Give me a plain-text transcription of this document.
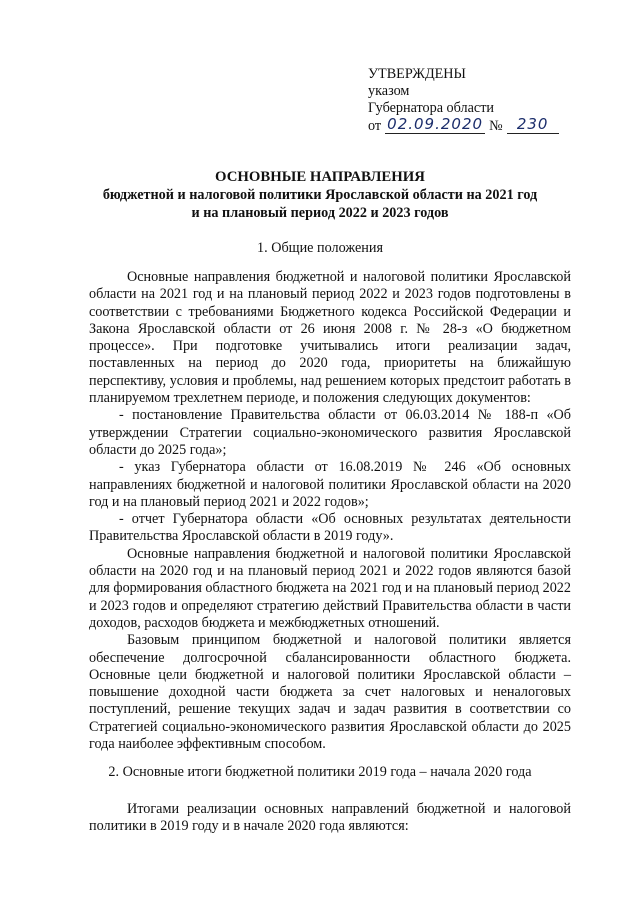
УТВЕРЖДЕНЫ
указом
Губернатора области
от 02.09.2020 № 230
ОСНОВНЫЕ НАПРАВЛЕНИЯ
бюджетной и налоговой политики Ярославской области на 2021 год
и на плановый период 2022 и 2023 годов
1. Общие положения

Основные направления бюджетной и налоговой политики Ярославской области на 2021 год и на плановый период 2022 и 2023 годов подготовлены в соответствии с требованиями Бюджетного кодекса Российской Федерации и Закона Ярославской области от 26 июня 2008 г. № 28-з «О бюджетном процессе». При подготовке учитывались итоги реализации задач, поставленных на период до 2020 года, приоритеты на ближайшую перспективу, условия и проблемы, над решением которых предстоит работать в планируемом трехлетнем периоде, и положения следующих документов:

- постановление Правительства области от 06.03.2014 № 188-п «Об утверждении Стратегии социально-экономического развития Ярославской области до 2025 года»;

- указ Губернатора области от 16.08.2019 № 246 «Об основных направлениях бюджетной и налоговой политики Ярославской области на 2020 год и на плановый период 2021 и 2022 годов»;

- отчет Губернатора области «Об основных результатах деятельности Правительства Ярославской области в 2019 году».

Основные направления бюджетной и налоговой политики Ярославской области на 2020 год и на плановый период 2021 и 2022 годов являются базой для формирования областного бюджета на 2021 год и на плановый период 2022 и 2023 годов и определяют стратегию действий Правительства области в части доходов, расходов бюджета и межбюджетных отношений.

Базовым принципом бюджетной и налоговой политики является обеспечение долгосрочной сбалансированности областного бюджета. Основные цели бюджетной и налоговой политики Ярославской области – повышение доходной части бюджета за счет налоговых и неналоговых поступлений, решение текущих задач и задач развития в соответствии со Стратегией социально-экономического развития Ярославской области до 2025 года наиболее эффективным способом.

2. Основные итоги бюджетной политики 2019 года – начала 2020 года

Итогами реализации основных направлений бюджетной и налоговой политики в 2019 году и в начале 2020 года являются:
